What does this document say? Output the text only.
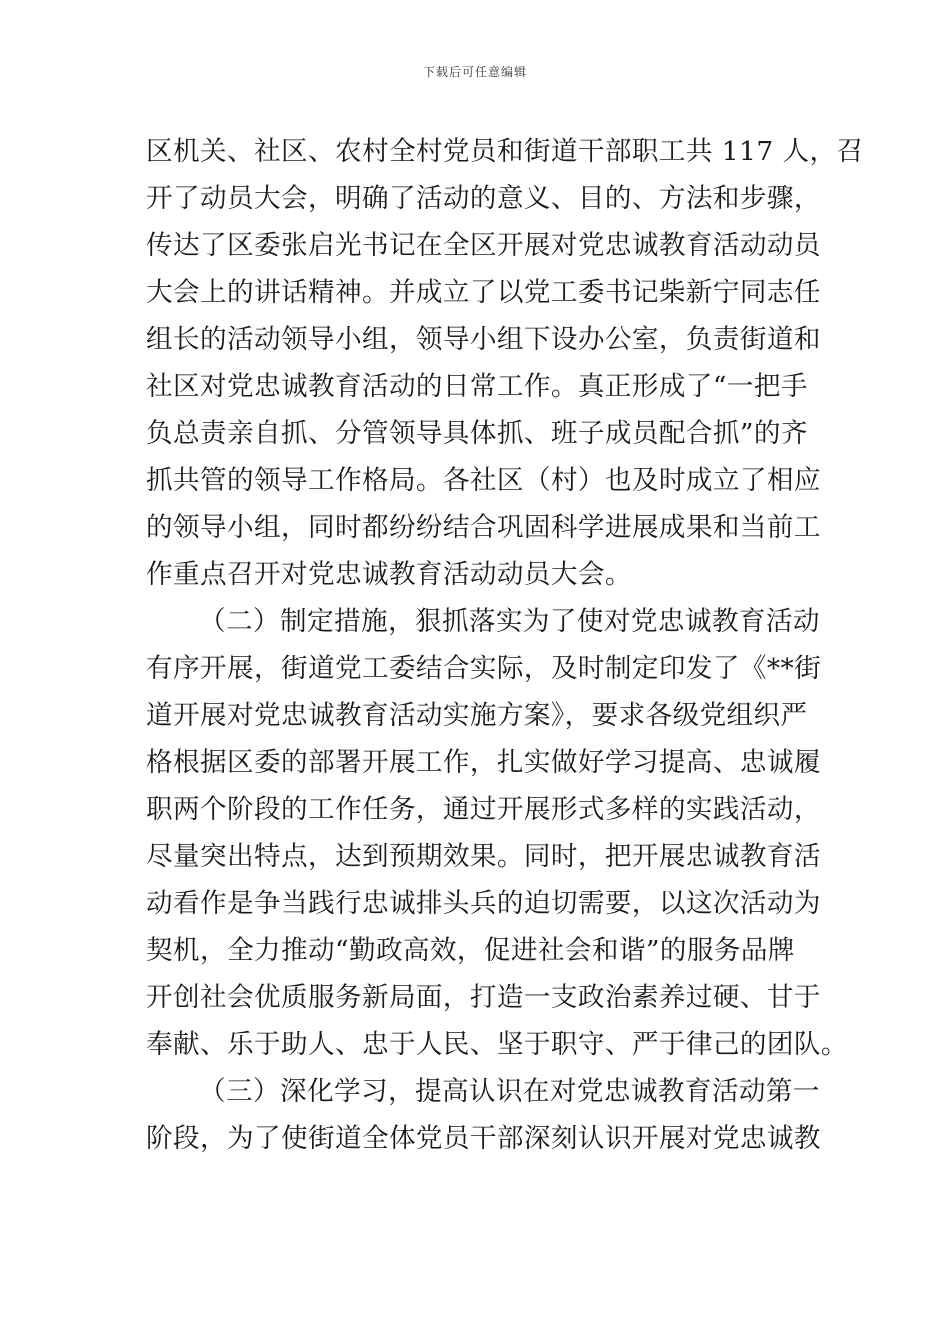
下载后可任意编辑
区机关、社区、农村全村党员和街道干部职工共 117 人，召
开了动员大会，明确了活动的意义、目的、方法和步骤，
传达了区委张启光书记在全区开展对党忠诚教育活动动员
大会上的讲话精神。并成立了以党工委书记柴新宁同志任
组长的活动领导小组，领导小组下设办公室，负责街道和
社区对党忠诚教育活动的日常工作。真正形成了“一把手
负总责亲自抓、分管领导具体抓、班子成员配合抓”的齐
抓共管的领导工作格局。各社区（村）也及时成立了相应
的领导小组，同时都纷纷结合巩固科学进展成果和当前工
作重点召开对党忠诚教育活动动员大会。
（二）制定措施，狠抓落实为了使对党忠诚教育活动
有序开展，街道党工委结合实际，及时制定印发了《**街
道开展对党忠诚教育活动实施方案》，要求各级党组织严
格根据区委的部署开展工作，扎实做好学习提高、忠诚履
职两个阶段的工作任务，通过开展形式多样的实践活动，
尽量突出特点，达到预期效果。同时，把开展忠诚教育活
动看作是争当践行忠诚排头兵的迫切需要，以这次活动为
契机，全力推动“勤政高效，促进社会和谐”的服务品牌
开创社会优质服务新局面，打造一支政治素养过硬、甘于
奉献、乐于助人、忠于人民、坚于职守、严于律己的团队。
（三）深化学习，提高认识在对党忠诚教育活动第一
阶段，为了使街道全体党员干部深刻认识开展对党忠诚教
